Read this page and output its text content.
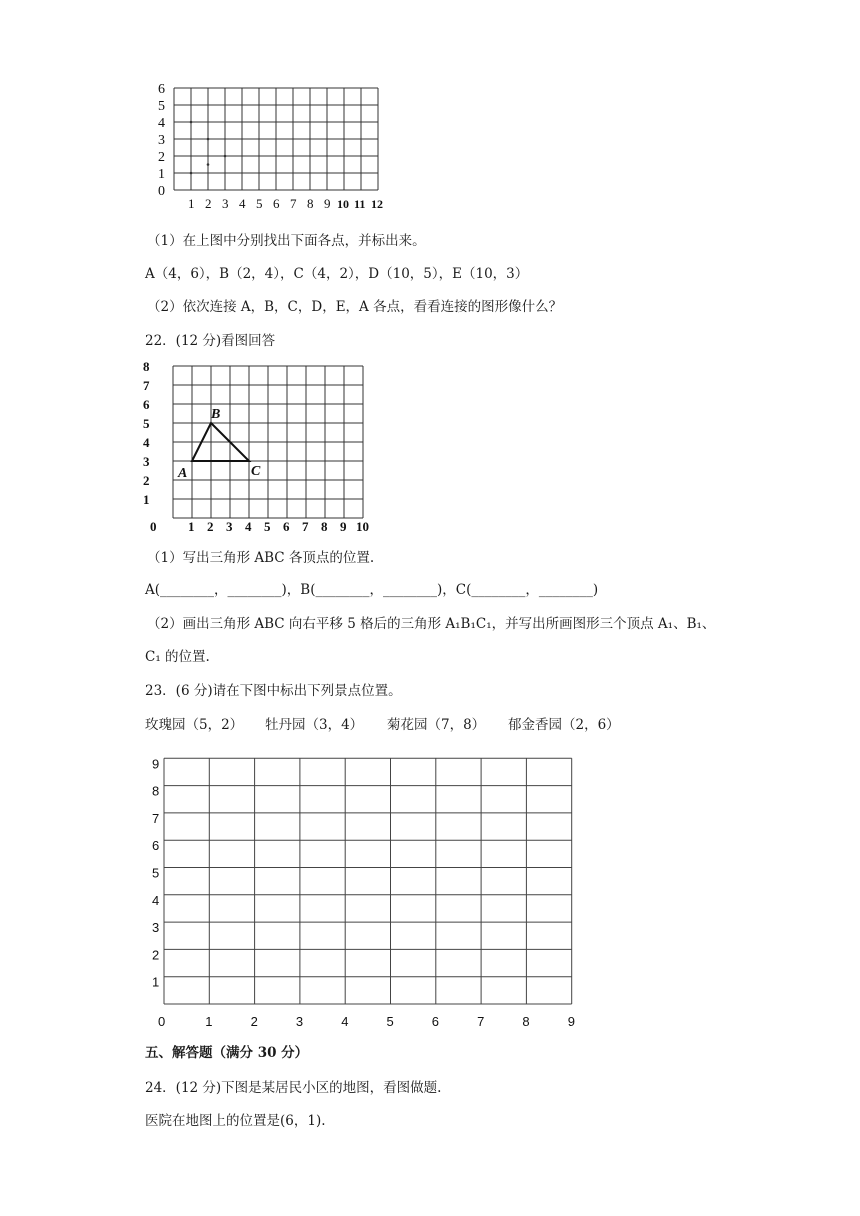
6
5
4
3
2
1
0
1 2 3 4 5 6 7 8 9 10 11 12
（1）在上图中分别找出下面各点，并标出来。
A（4，6），B（2，4），C（4，2），D（10，5），E（10，3）
（2）依次连接 A，B，C，D，E，A 各点，看看连接的图形像什么？
22．(12 分)看图回答
8
7
6
5
4
3
2
1
0 1 2 3 4 5 6 7 8 9 10
A
B
C
（1）写出三角形 ABC 各顶点的位置.
A(________，________)，B(________，________)，C(________，________)
（2）画出三角形 ABC 向右平移 5 格后的三角形 A₁B₁C₁，并写出所画图形三个顶点 A₁、B₁、
C₁ 的位置.
23．(6 分)请在下图中标出下列景点位置。
玫瑰园（5，2） 牡丹园（3，4） 菊花园（7，8） 郁金香园（2，6）
9
8
7
6
5
4
3
2
1
0	1	2	3	4	5	6	7	8	9
五、解答题（满分 30 分）
24．(12 分)下图是某居民小区的地图，看图做题.
医院在地图上的位置是(6，1).
